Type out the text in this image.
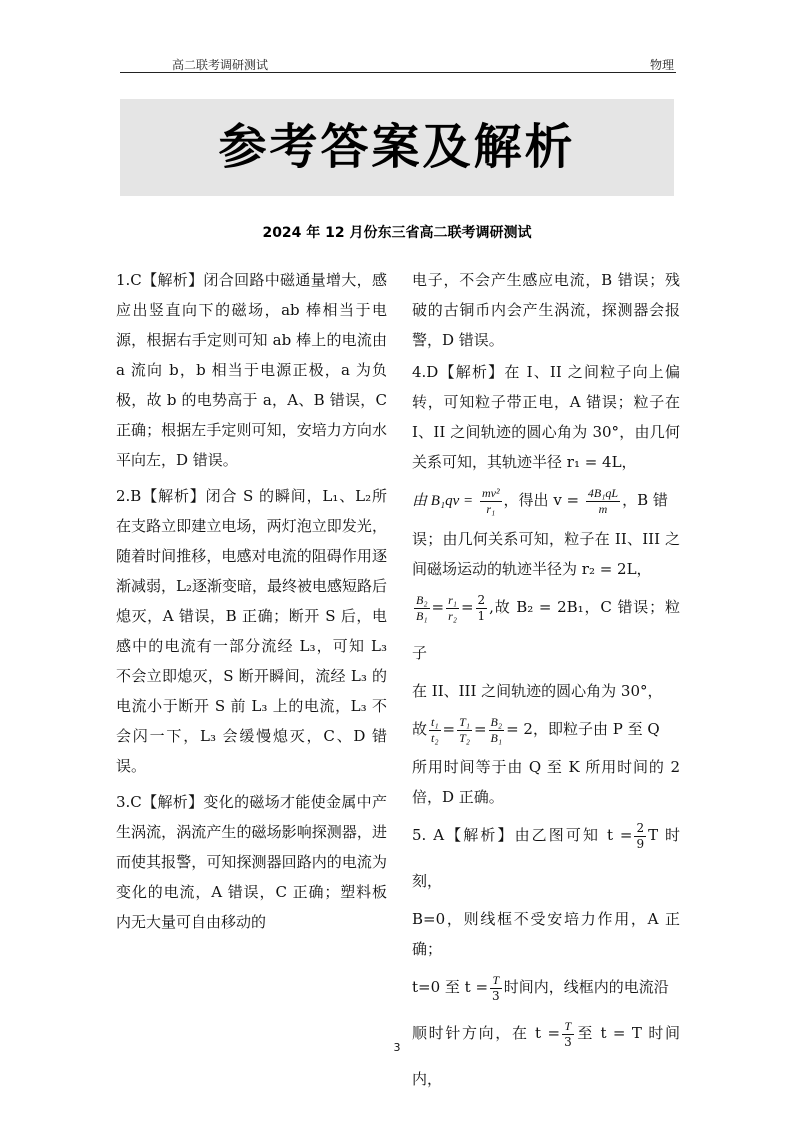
高二联考调研测试	物理
参考答案及解析
2024 年 12 月份东三省高二联考调研测试

1.C【解析】闭合回路中磁通量增大，感应出竖直向下的磁场，ab 棒相当于电源，根据右手定则可知 ab 棒上的电流由 a 流向 b，b 相当于电源正极，a 为负极，故 b 的电势高于 a，A、B 错误，C 正确；根据左手定则可知，安培力方向水平向左，D 错误。

2.B【解析】闭合 S 的瞬间，L₁、L₂所在支路立即建立电场，两灯泡立即发光，随着时间推移，电感对电流的阻碍作用逐渐减弱，L₂逐渐变暗，最终被电感短路后熄灭，A 错误，B 正确；断开 S 后，电感中的电流有一部分流经 L₃，可知 L₃ 不会立即熄灭，S 断开瞬间，流经 L₃ 的电流小于断开 S 前 L₃ 上的电流，L₃ 不会闪一下，L₃ 会缓慢熄灭，C、D 错误。

3.C【解析】变化的磁场才能使金属中产生涡流，涡流产生的磁场影响探测器，进而使其报警，可知探测器回路内的电流为变化的电流，A 错误，C 正确；塑料板内无大量可自由移动的

电子，不会产生感应电流，B 错误；残破的古铜币内会产生涡流，探测器会报警，D 错误。

4.D【解析】在 I、II 之间粒子向上偏转，可知粒子带正电，A 错误；粒子在 I、II 之间轨迹的圆心角为 30°，由几何关系可知，其轨迹半径 r₁ = 4L，

由 $B_1qv = \frac{\text{mv²}}{\text{r₁}}$ ，得出 $v = \frac{\text{4B₁qL}}{m}$ ，B 错

误；由几何关系可知，粒子在 II、III 之间磁场运动的轨迹半径为 r₂ = 2L，

$\frac{\text{B₂}}{\text{B₁}} = \frac{\text{r₁}}{\text{r₂}} = \frac{2}{1}$ ,故 B₂ = 2B₁，C 错误；粒子

在 II、III 之间轨迹的圆心角为 30°，

故 $\frac{\text{t₁}}{\text{t₂}} = \frac{\text{T₁}}{\text{T₂}} = \frac{\text{B₂}}{\text{B₁}} = 2$，即粒子由 P 至 Q

所用时间等于由 Q 至 K 所用时间的 2 倍，D 正确。

5. A【解析】由乙图可知 $t = \frac{2}{9}$ T 时刻，

B=0，则线框不受安培力作用，A 正确；

t=0 至 $t = \frac{T}{3}$ 时间内，线框内的电流沿

顺时针方向，在 $t = \frac{T}{3}$ 至 t = T 时间内，

3
